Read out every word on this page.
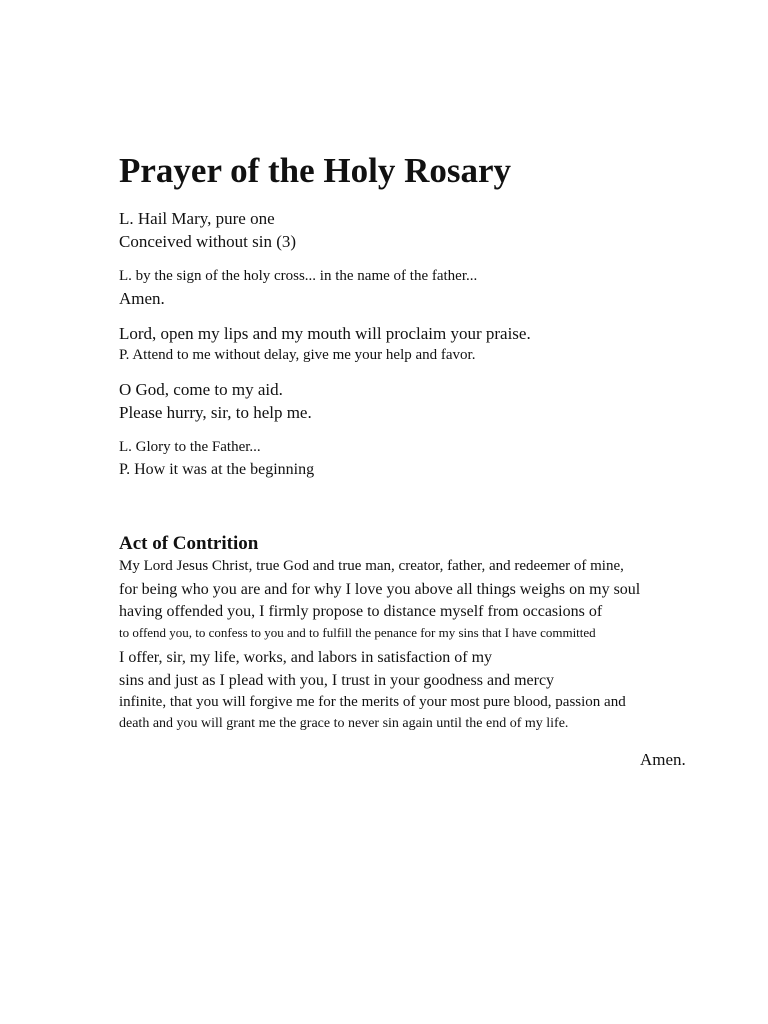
Prayer of the Holy Rosary
L. Hail Mary, pure one
Conceived without sin (3)
L. by the sign of the holy cross... in the name of the father...
Amen.
Lord, open my lips and my mouth will proclaim your praise.
P. Attend to me without delay, give me your help and favor.
O God, come to my aid.
Please hurry, sir, to help me.
L. Glory to the Father...
P. How it was at the beginning
Act of Contrition
My Lord Jesus Christ, true God and true man, creator, father, and redeemer of mine,
for being who you are and for why I love you above all things weighs on my soul
having offended you, I firmly propose to distance myself from occasions of
to offend you, to confess to you and to fulfill the penance for my sins that I have committed
I offer, sir, my life, works, and labors in satisfaction of my
sins and just as I plead with you, I trust in your goodness and mercy
infinite, that you will forgive me for the merits of your most pure blood, passion and
death and you will grant me the grace to never sin again until the end of my life.
Amen.
